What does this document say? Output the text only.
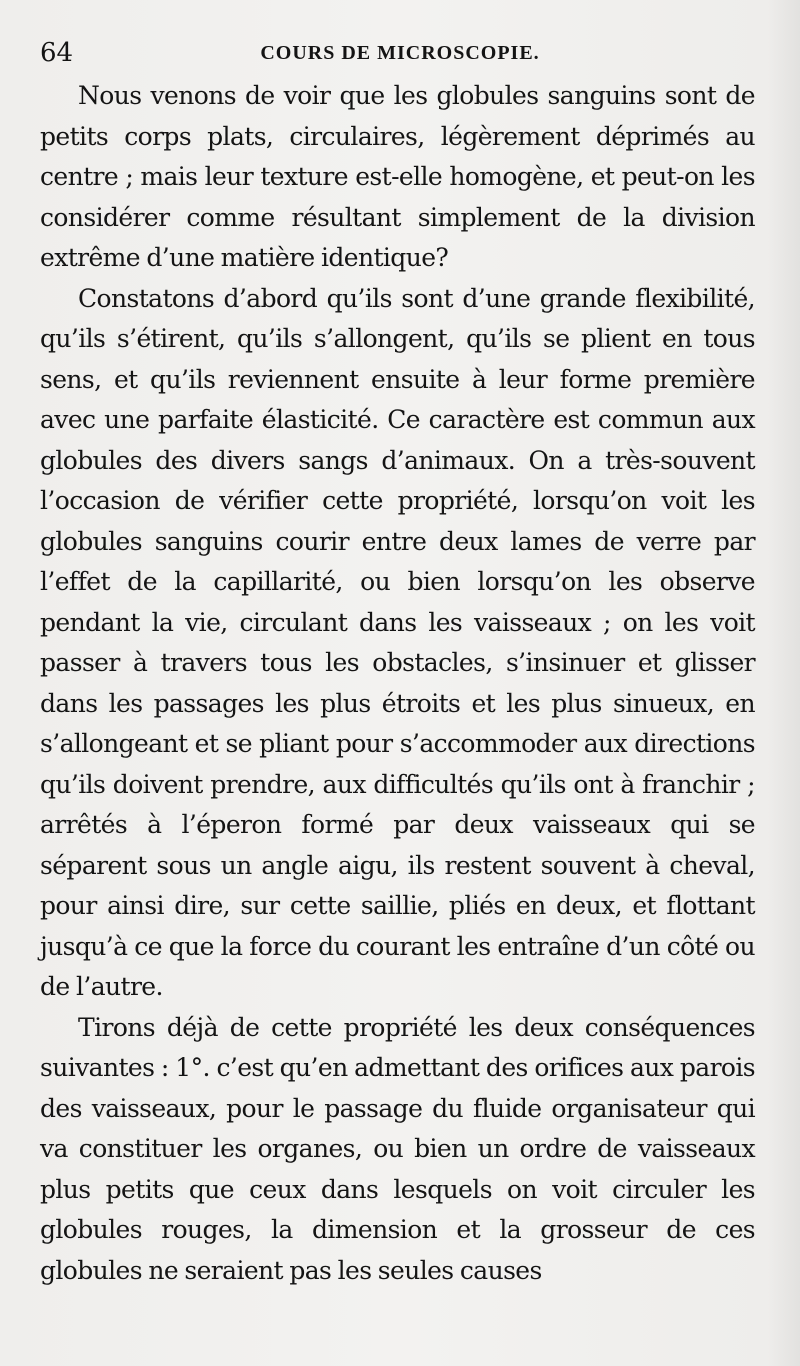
64	COURS DE MICROSCOPIE.

Nous venons de voir que les globules sanguins sont de petits corps plats, circulaires, légèrement déprimés au centre ; mais leur texture est-elle homogène, et peut-on les considérer comme résultant simplement de la division extrême d’une matière identique?

Constatons d’abord qu’ils sont d’une grande flexibilité, qu’ils s’étirent, qu’ils s’allongent, qu’ils se plient en tous sens, et qu’ils reviennent ensuite à leur forme première avec une parfaite élasticité. Ce caractère est commun aux globules des divers sangs d’animaux. On a très-souvent l’occasion de vérifier cette propriété, lorsqu’on voit les globules sanguins courir entre deux lames de verre par l’effet de la capillarité, ou bien lorsqu’on les observe pendant la vie, circulant dans les vaisseaux ; on les voit passer à travers tous les obstacles, s’insinuer et glisser dans les passages les plus étroits et les plus sinueux, en s’allongeant et se pliant pour s’accommoder aux directions qu’ils doivent prendre, aux difficultés qu’ils ont à franchir ; arrêtés à l’éperon formé par deux vaisseaux qui se séparent sous un angle aigu, ils restent souvent à cheval, pour ainsi dire, sur cette saillie, pliés en deux, et flottant jusqu’à ce que la force du courant les entraîne d’un côté ou de l’autre.

Tirons déjà de cette propriété les deux conséquences suivantes : 1°. c’est qu’en admettant des orifices aux parois des vaisseaux, pour le passage du fluide organisateur qui va constituer les organes, ou bien un ordre de vaisseaux plus petits que ceux dans lesquels on voit circuler les globules rouges, la dimension et la grosseur de ces globules ne seraient pas les seules causes
